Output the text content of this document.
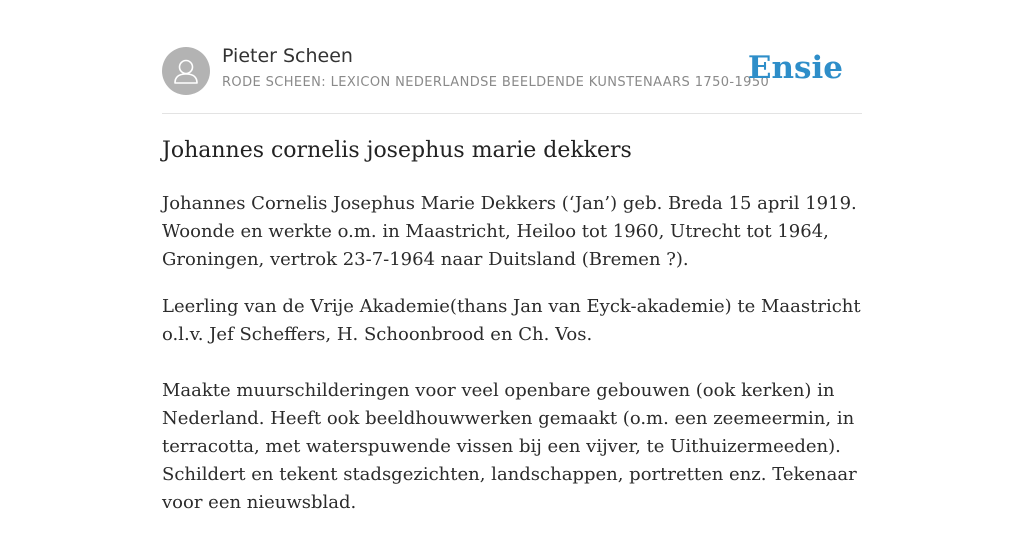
Pieter Scheen
RODE SCHEEN: LEXICON NEDERLANDSE BEELDENDE KUNSTENAARS 1750-1950
Ensie
Johannes cornelis josephus marie dekkers

Johannes Cornelis Josephus Marie Dekkers (‘Jan’) geb. Breda 15 april 1919. Woonde en werkte o.m. in Maastricht, Heiloo tot 1960, Utrecht tot 1964, Groningen, vertrok 23-7-1964 naar Duitsland (Bremen ?).

Leerling van de Vrije Akademie(thans Jan van Eyck-akademie) te Maastricht o.l.v. Jef Scheffers, H. Schoonbrood en Ch. Vos.

Maakte muurschilderingen voor veel openbare gebouwen (ook kerken) in Nederland. Heeft ook beeldhouwwerken gemaakt (o.m. een zeemeermin, in terracotta, met waterspuwende vissen bij een vijver, te Uithuizermeeden). Schildert en tekent stadsgezichten, landschappen, portretten enz. Tekenaar voor een nieuwsblad.
